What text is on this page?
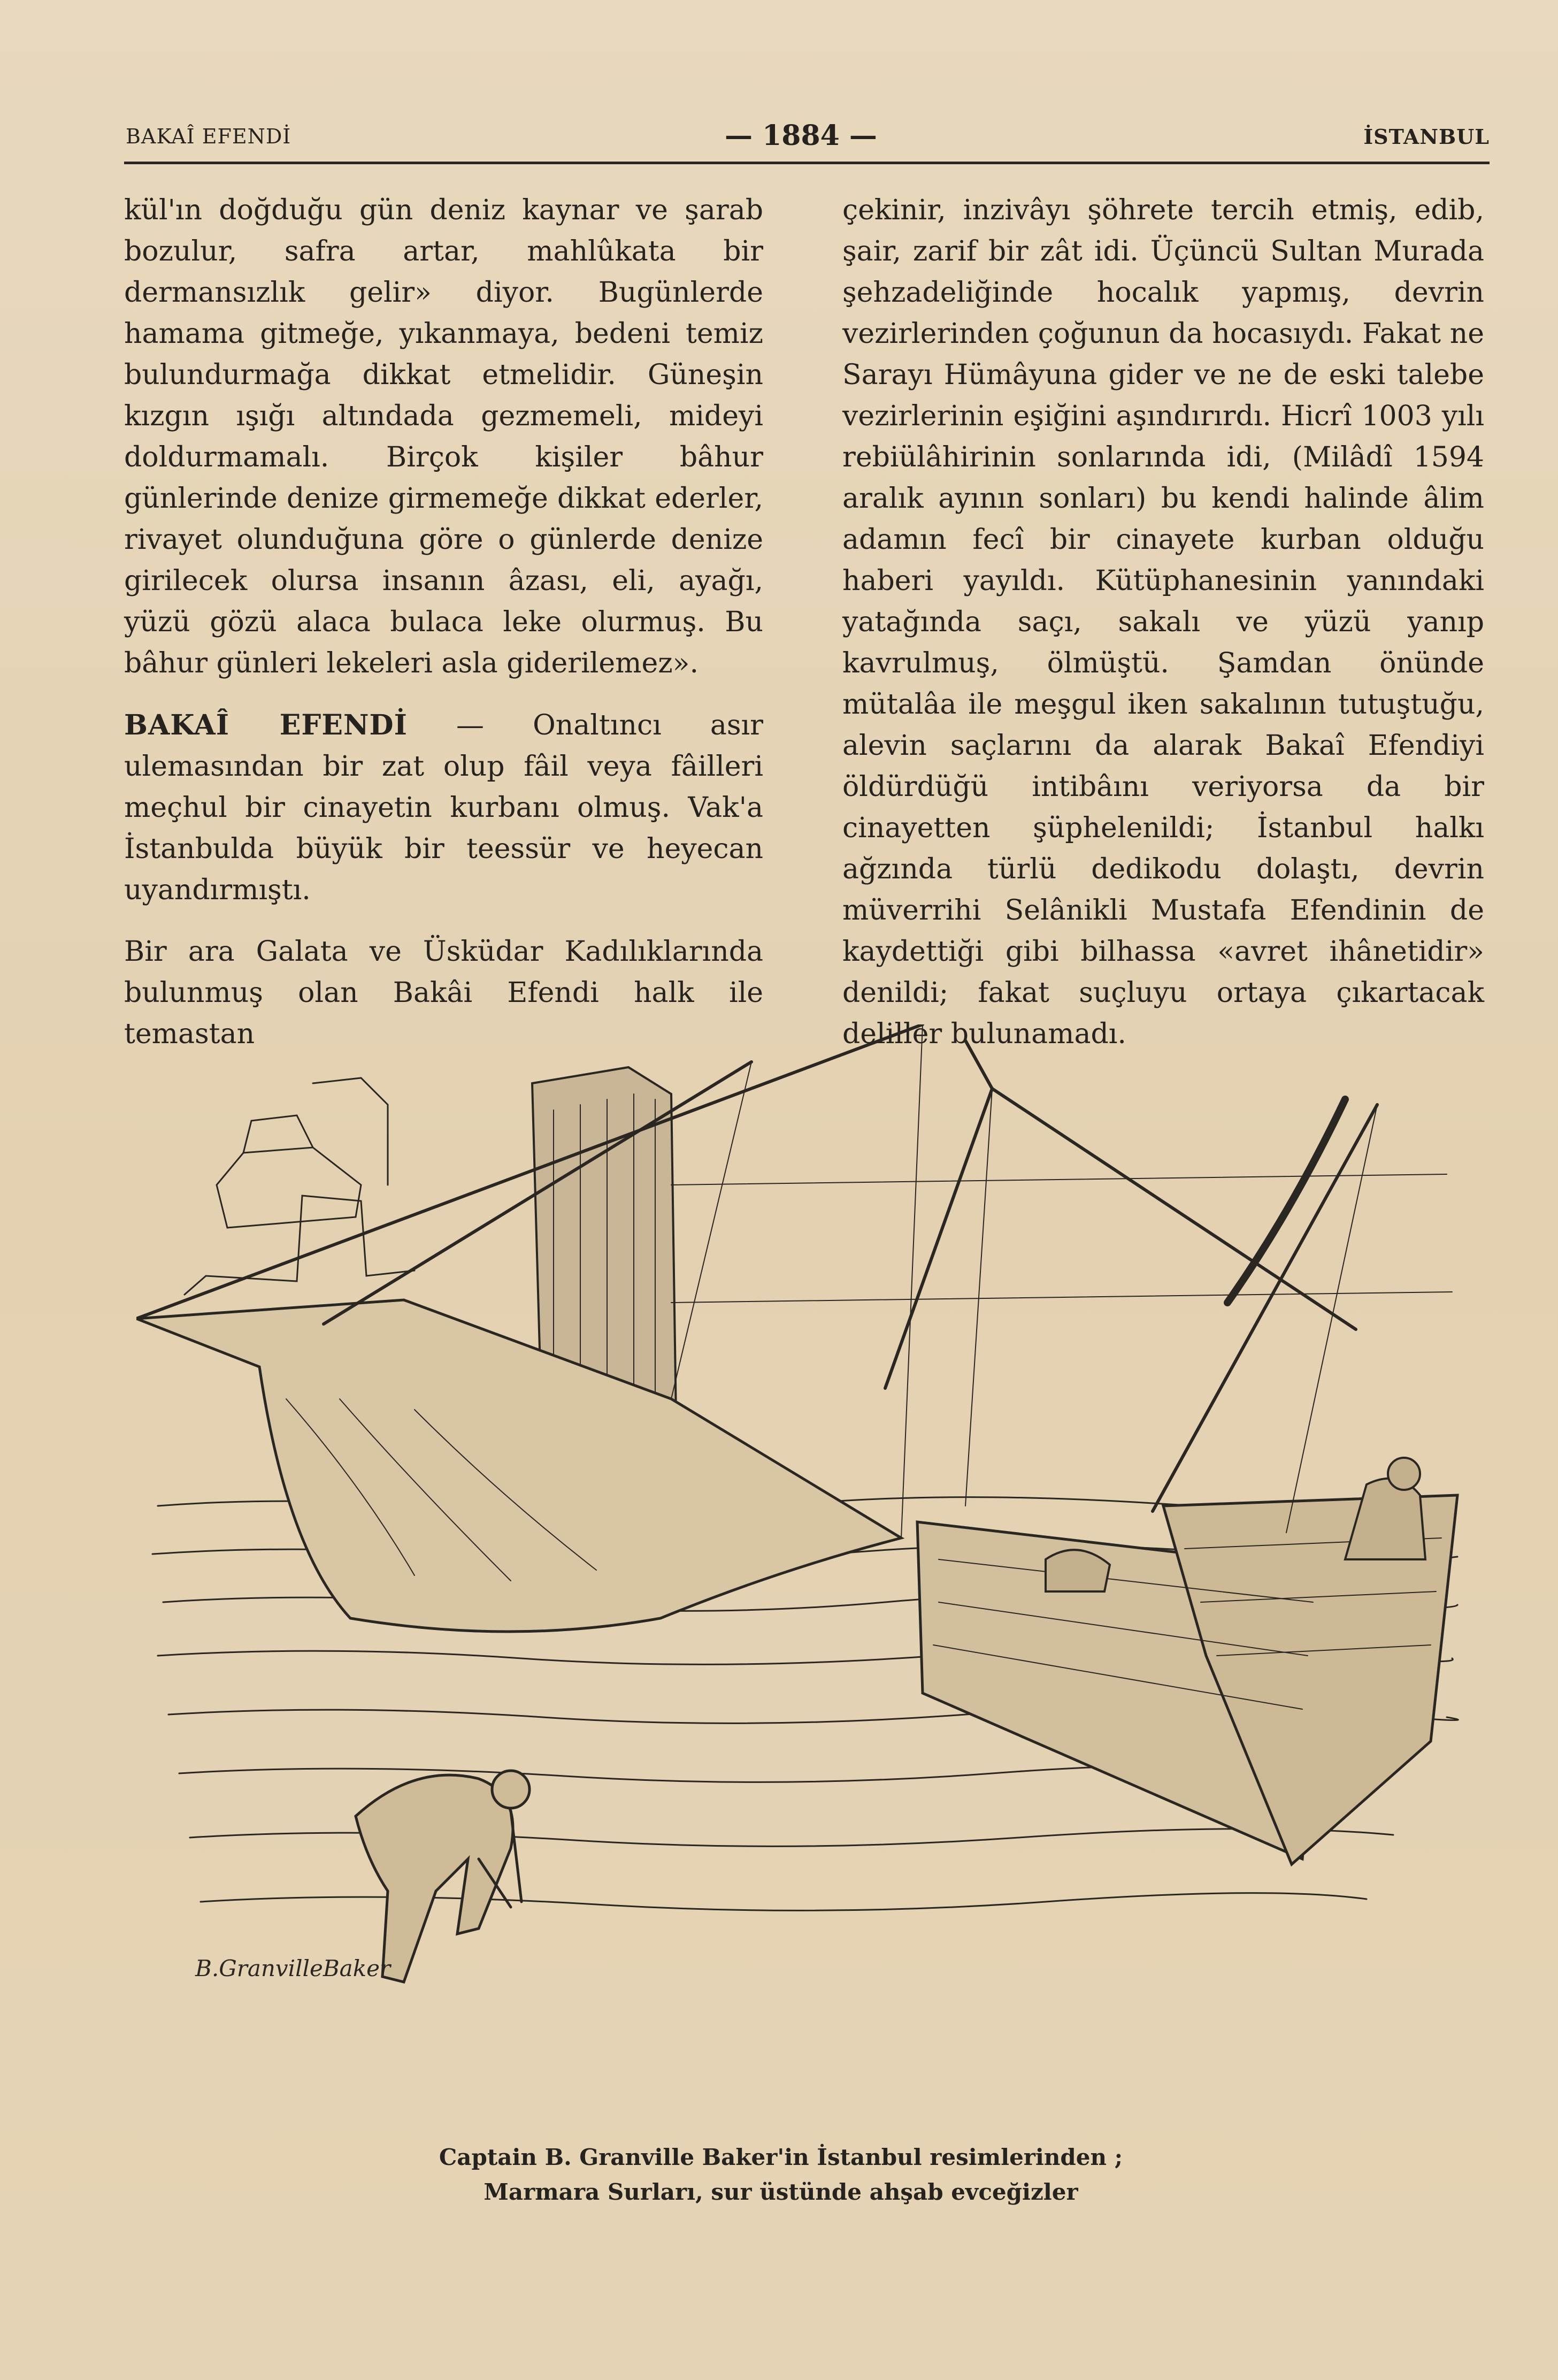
BAKAÎ EFENDİ	— 1884 —	İSTANBUL

kül'ın doğduğu gün deniz kaynar ve şarab bozulur, safra artar, mahlûkata bir dermansızlık gelir» diyor. Bugünlerde hamama gitmeğe, yıkanmaya, bedeni temiz bulundurmağa dikkat etmelidir. Güneşin kızgın ışığı altındada gezmemeli, mideyi doldurmamalı. Birçok kişiler bâhur günlerinde denize girmemeğe dikkat ederler, rivayet olunduğuna göre o günlerde denize girilecek olursa insanın âzası, eli, ayağı, yüzü gözü alaca bulaca leke olurmuş. Bu bâhur günleri lekeleri asla giderilemez».

BAKAÎ EFENDİ — Onaltıncı asır ulemasından bir zat olup fâil veya fâilleri meçhul bir cinayetin kurbanı olmuş. Vak'a İstanbulda büyük bir teessür ve heyecan uyandırmıştı.

Bir ara Galata ve Üsküdar Kadılıklarında bulunmuş olan Bakâi Efendi halk ile temastan

çekinir, inzivâyı şöhrete tercih etmiş, edib, şair, zarif bir zât idi. Üçüncü Sultan Murada şehzadeliğinde hocalık yapmış, devrin vezirlerinden çoğunun da hocasıydı. Fakat ne Sarayı Hümâyuna gider ve ne de eski talebe vezirlerinin eşiğini aşındırırdı. Hicrî 1003 yılı rebiülâhirinin sonlarında idi, (Milâdî 1594 aralık ayının sonları) bu kendi halinde âlim adamın fecî bir cinayete kurban olduğu haberi yayıldı. Kütüphanesinin yanındaki yatağında saçı, sakalı ve yüzü yanıp kavrulmuş, ölmüştü. Şamdan önünde mütalâa ile meşgul iken sakalının tutuştuğu, alevin saçlarını da alarak Bakaî Efendiyi öldürdüğü intibâını veriyorsa da bir cinayetten şüphelenildi; İstanbul halkı ağzında türlü dedikodu dolaştı, devrin müverrihi Selânikli Mustafa Efendinin de kaydettiği gibi bilhassa «avret ihânetidir» denildi; fakat suçluyu ortaya çıkartacak deliller bulunamadı.

B.GranvilleBaker
Captain B. Granville Baker'in İstanbul resimlerinden ;
Marmara Surları, sur üstünde ahşab evceğizler
